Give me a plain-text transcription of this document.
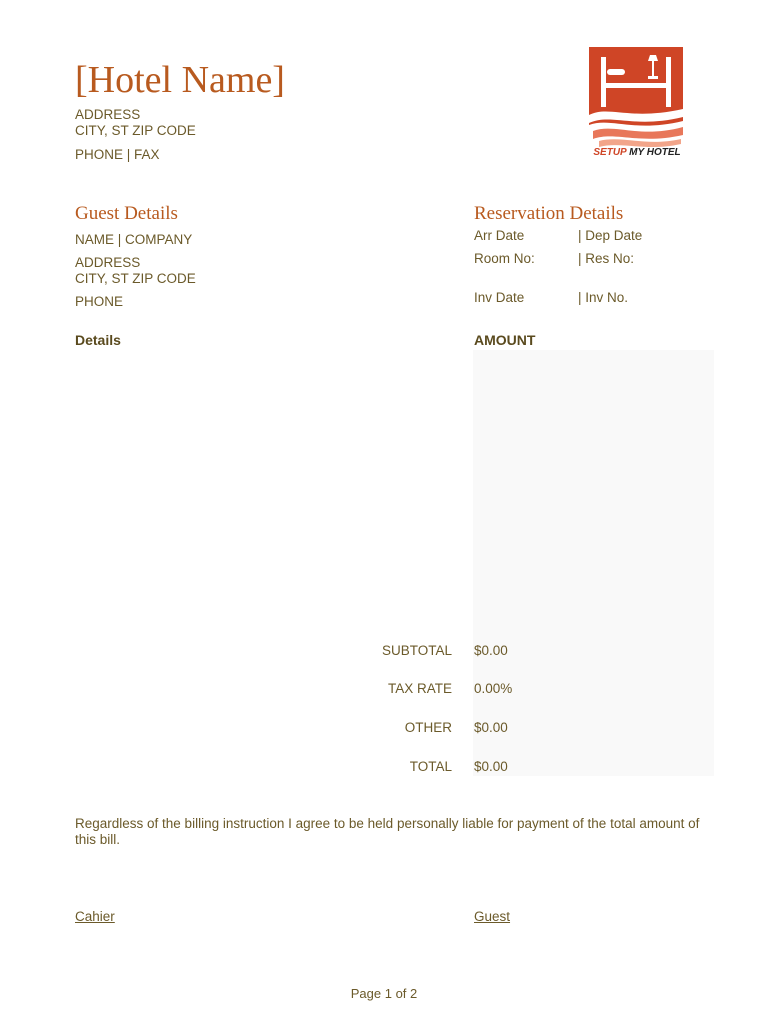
[Hotel Name]
ADDRESS
CITY, ST ZIP CODE
PHONE | FAX	SETUP MY HOTEL
Guest Details
NAME | COMPANY
ADDRESS
CITY, ST ZIP CODE
PHONE
Reservation Details
Arr Date	| Dep Date
Room No:	| Res No:
Inv Date	| Inv No.
Details	AMOUNT
SUBTOTAL $0.00
TAX RATE 0.00%
OTHER $0.00
TOTAL $0.00
Regardless of the billing instruction I agree to be held personally liable for payment of the total amount of this bill.
Cahier	Guest
Page 1 of 2
